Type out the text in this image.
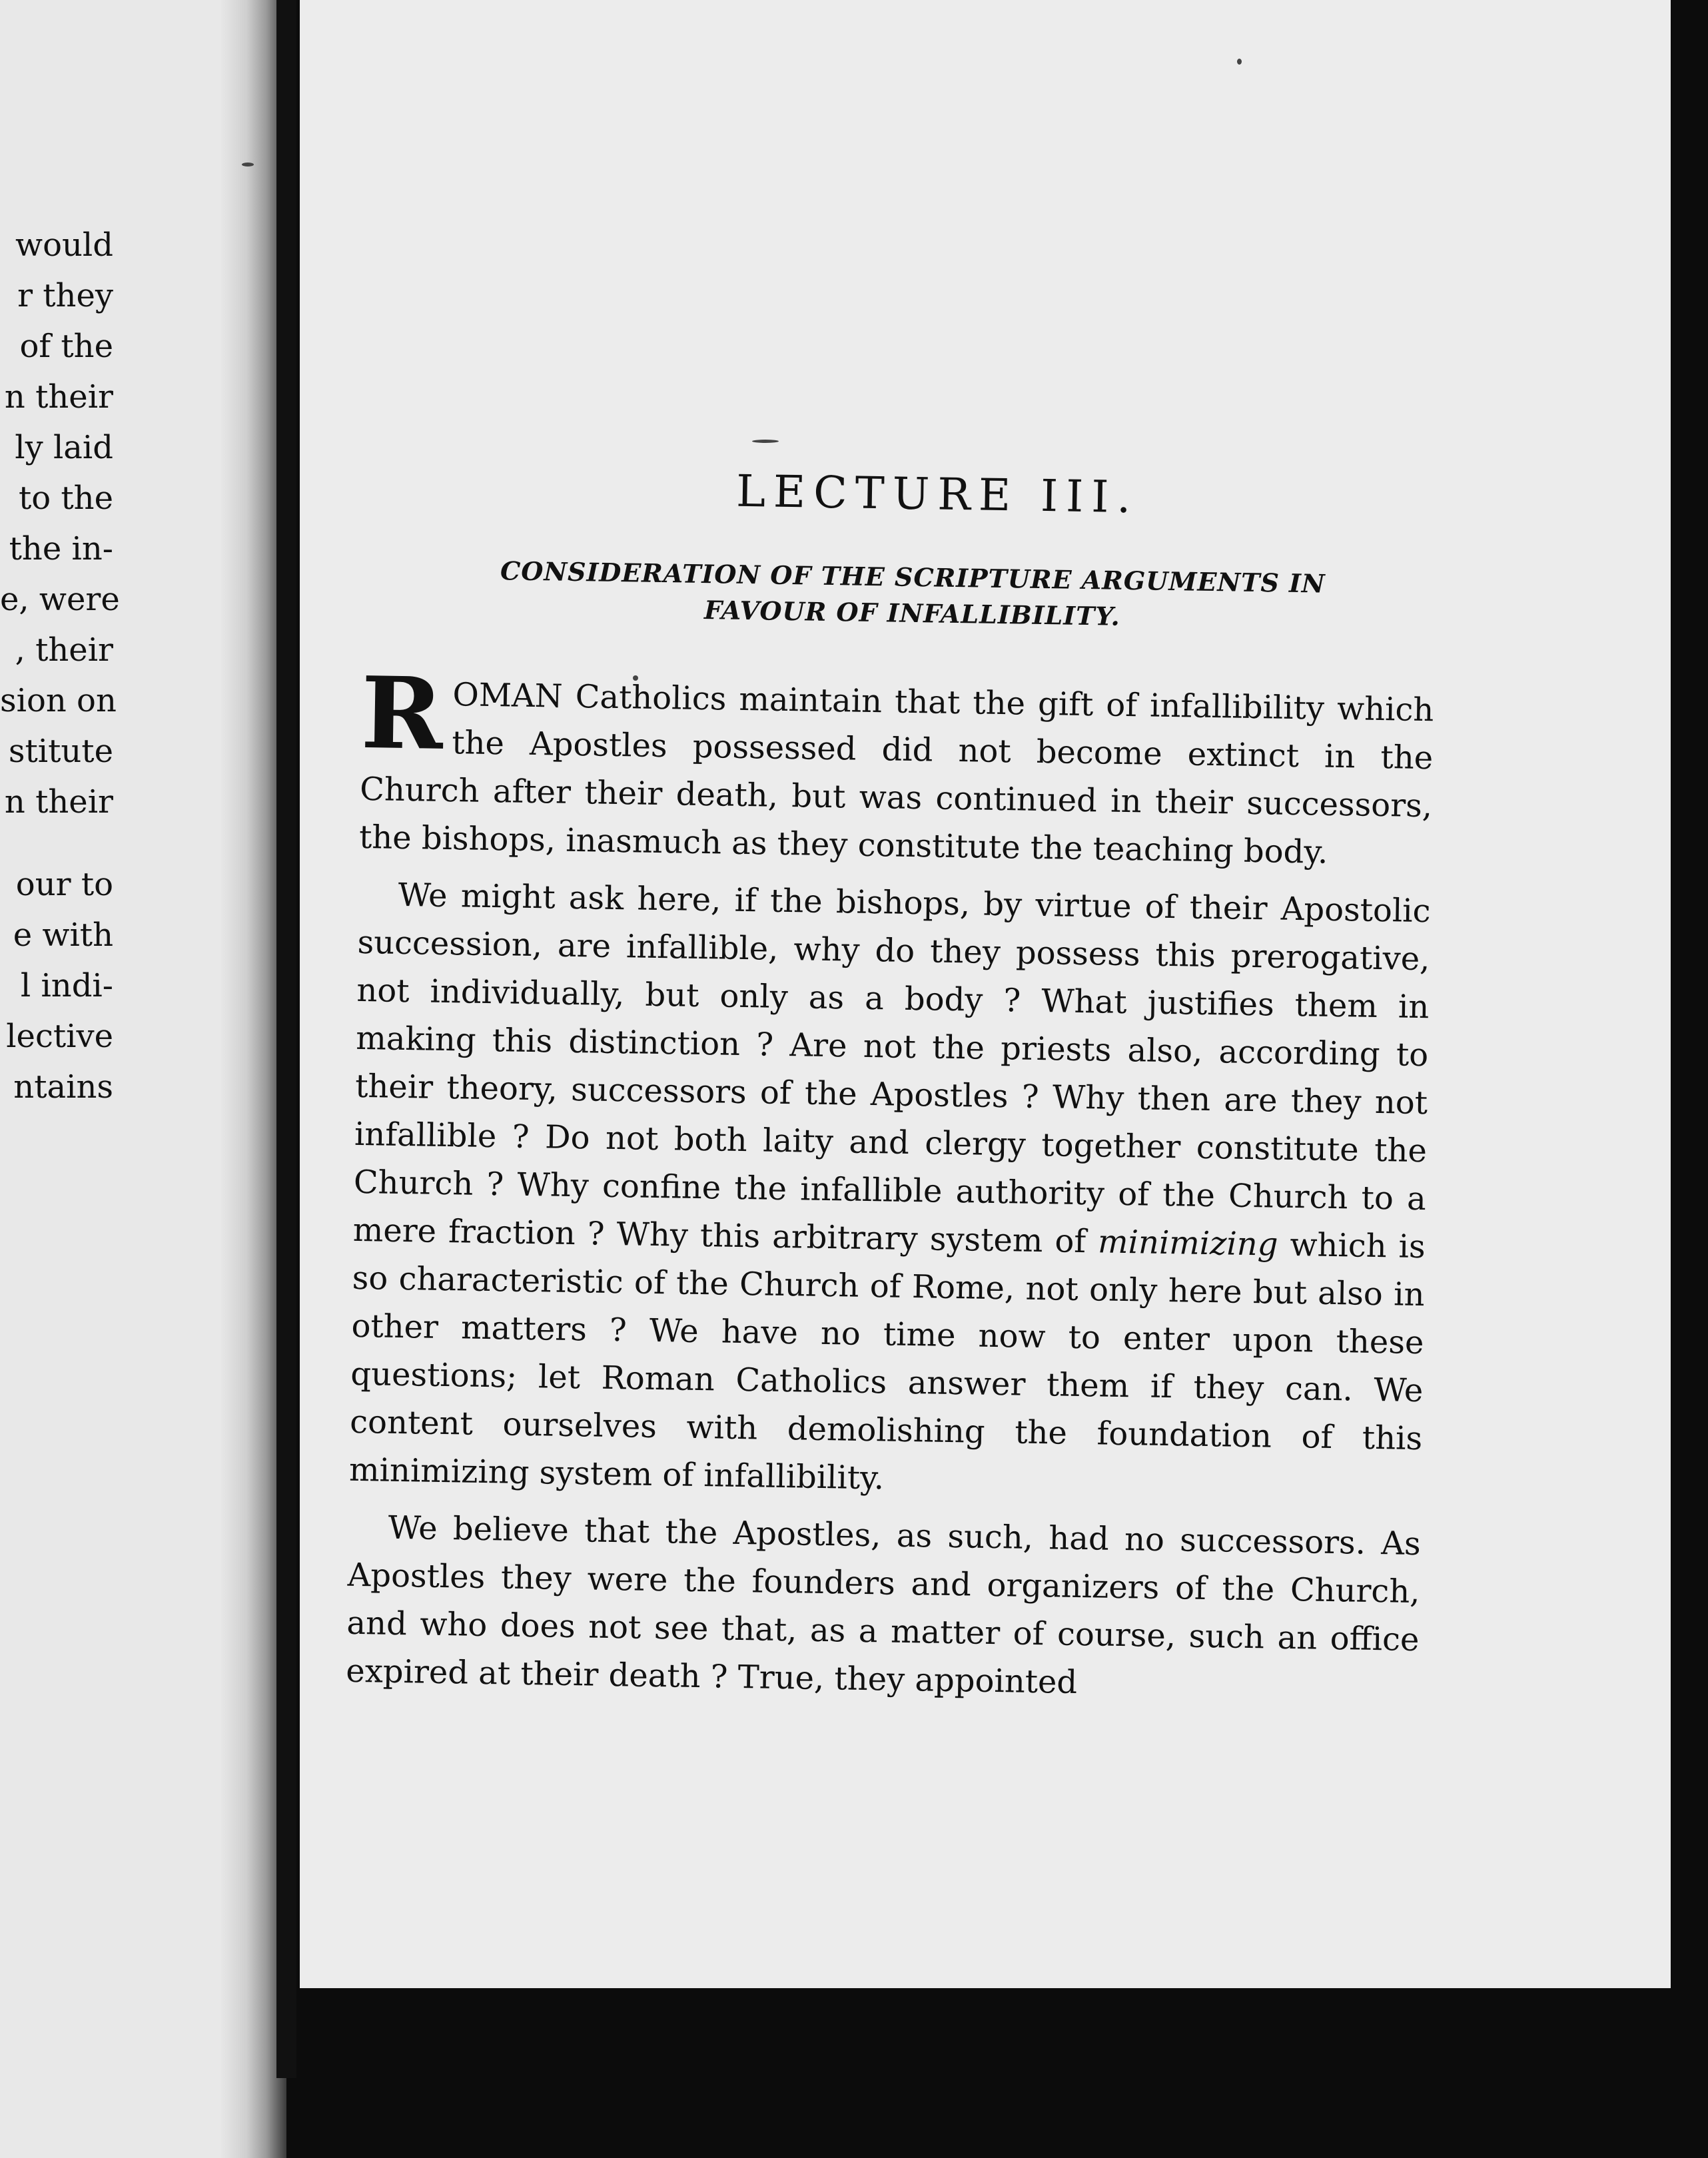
would
r they
of the
n their
ly laid
to the
the in-
e, were
, their
sion on
stitute
n their
our to
e with
l indi-
lective
ntains
LECTURE III.
CONSIDERATION OF THE SCRIPTURE ARGUMENTS IN
FAVOUR OF INFALLIBILITY.

ROMAN Catholics maintain that the gift of infallibility which the Apostles possessed did not become extinct in the Church after their death, but was continued in their successors, the bishops, inasmuch as they constitute the teaching body.

We might ask here, if the bishops, by virtue of their Apostolic succession, are infallible, why do they possess this prerogative, not individually, but only as a body ? What justifies them in making this distinction ? Are not the priests also, according to their theory, successors of the Apostles ? Why then are they not infallible ? Do not both laity and clergy together constitute the Church ? Why confine the infallible authority of the Church to a mere fraction ? Why this arbitrary system of minimizing which is so characteristic of the Church of Rome, not only here but also in other matters ? We have no time now to enter upon these questions; let Roman Catholics answer them if they can. We content ourselves with demolishing the foundation of this minimizing system of infallibility.

We believe that the Apostles, as such, had no successors. As Apostles they were the founders and organizers of the Church, and who does not see that, as a matter of course, such an office expired at their death ? True, they appointed
